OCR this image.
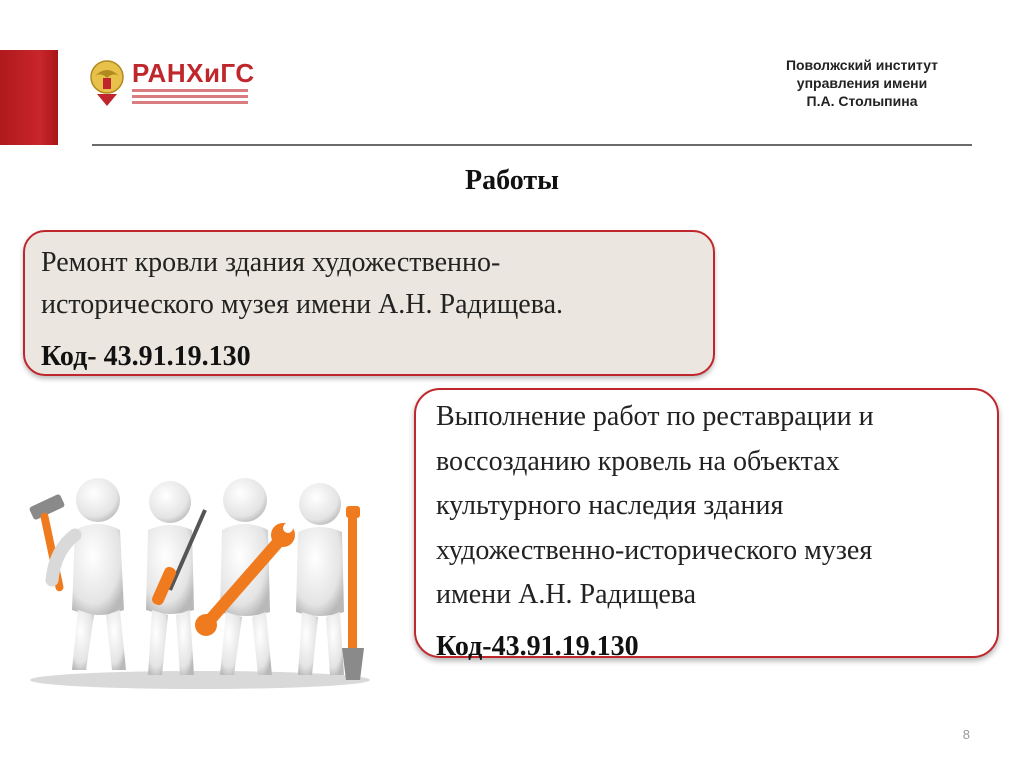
РАНХиГС	Поволжский институт
управления имени
П.А. Столыпина
Работы
Ремонт кровли здания художественно-
исторического музея имени А.Н. Радищева.
Код- 43.91.19.130
Выполнение работ по реставрации и
воссозданию кровель на объектах
культурного наследия здания
художественно-исторического музея
имени А.Н. Радищева
Код-43.91.19.130
8
